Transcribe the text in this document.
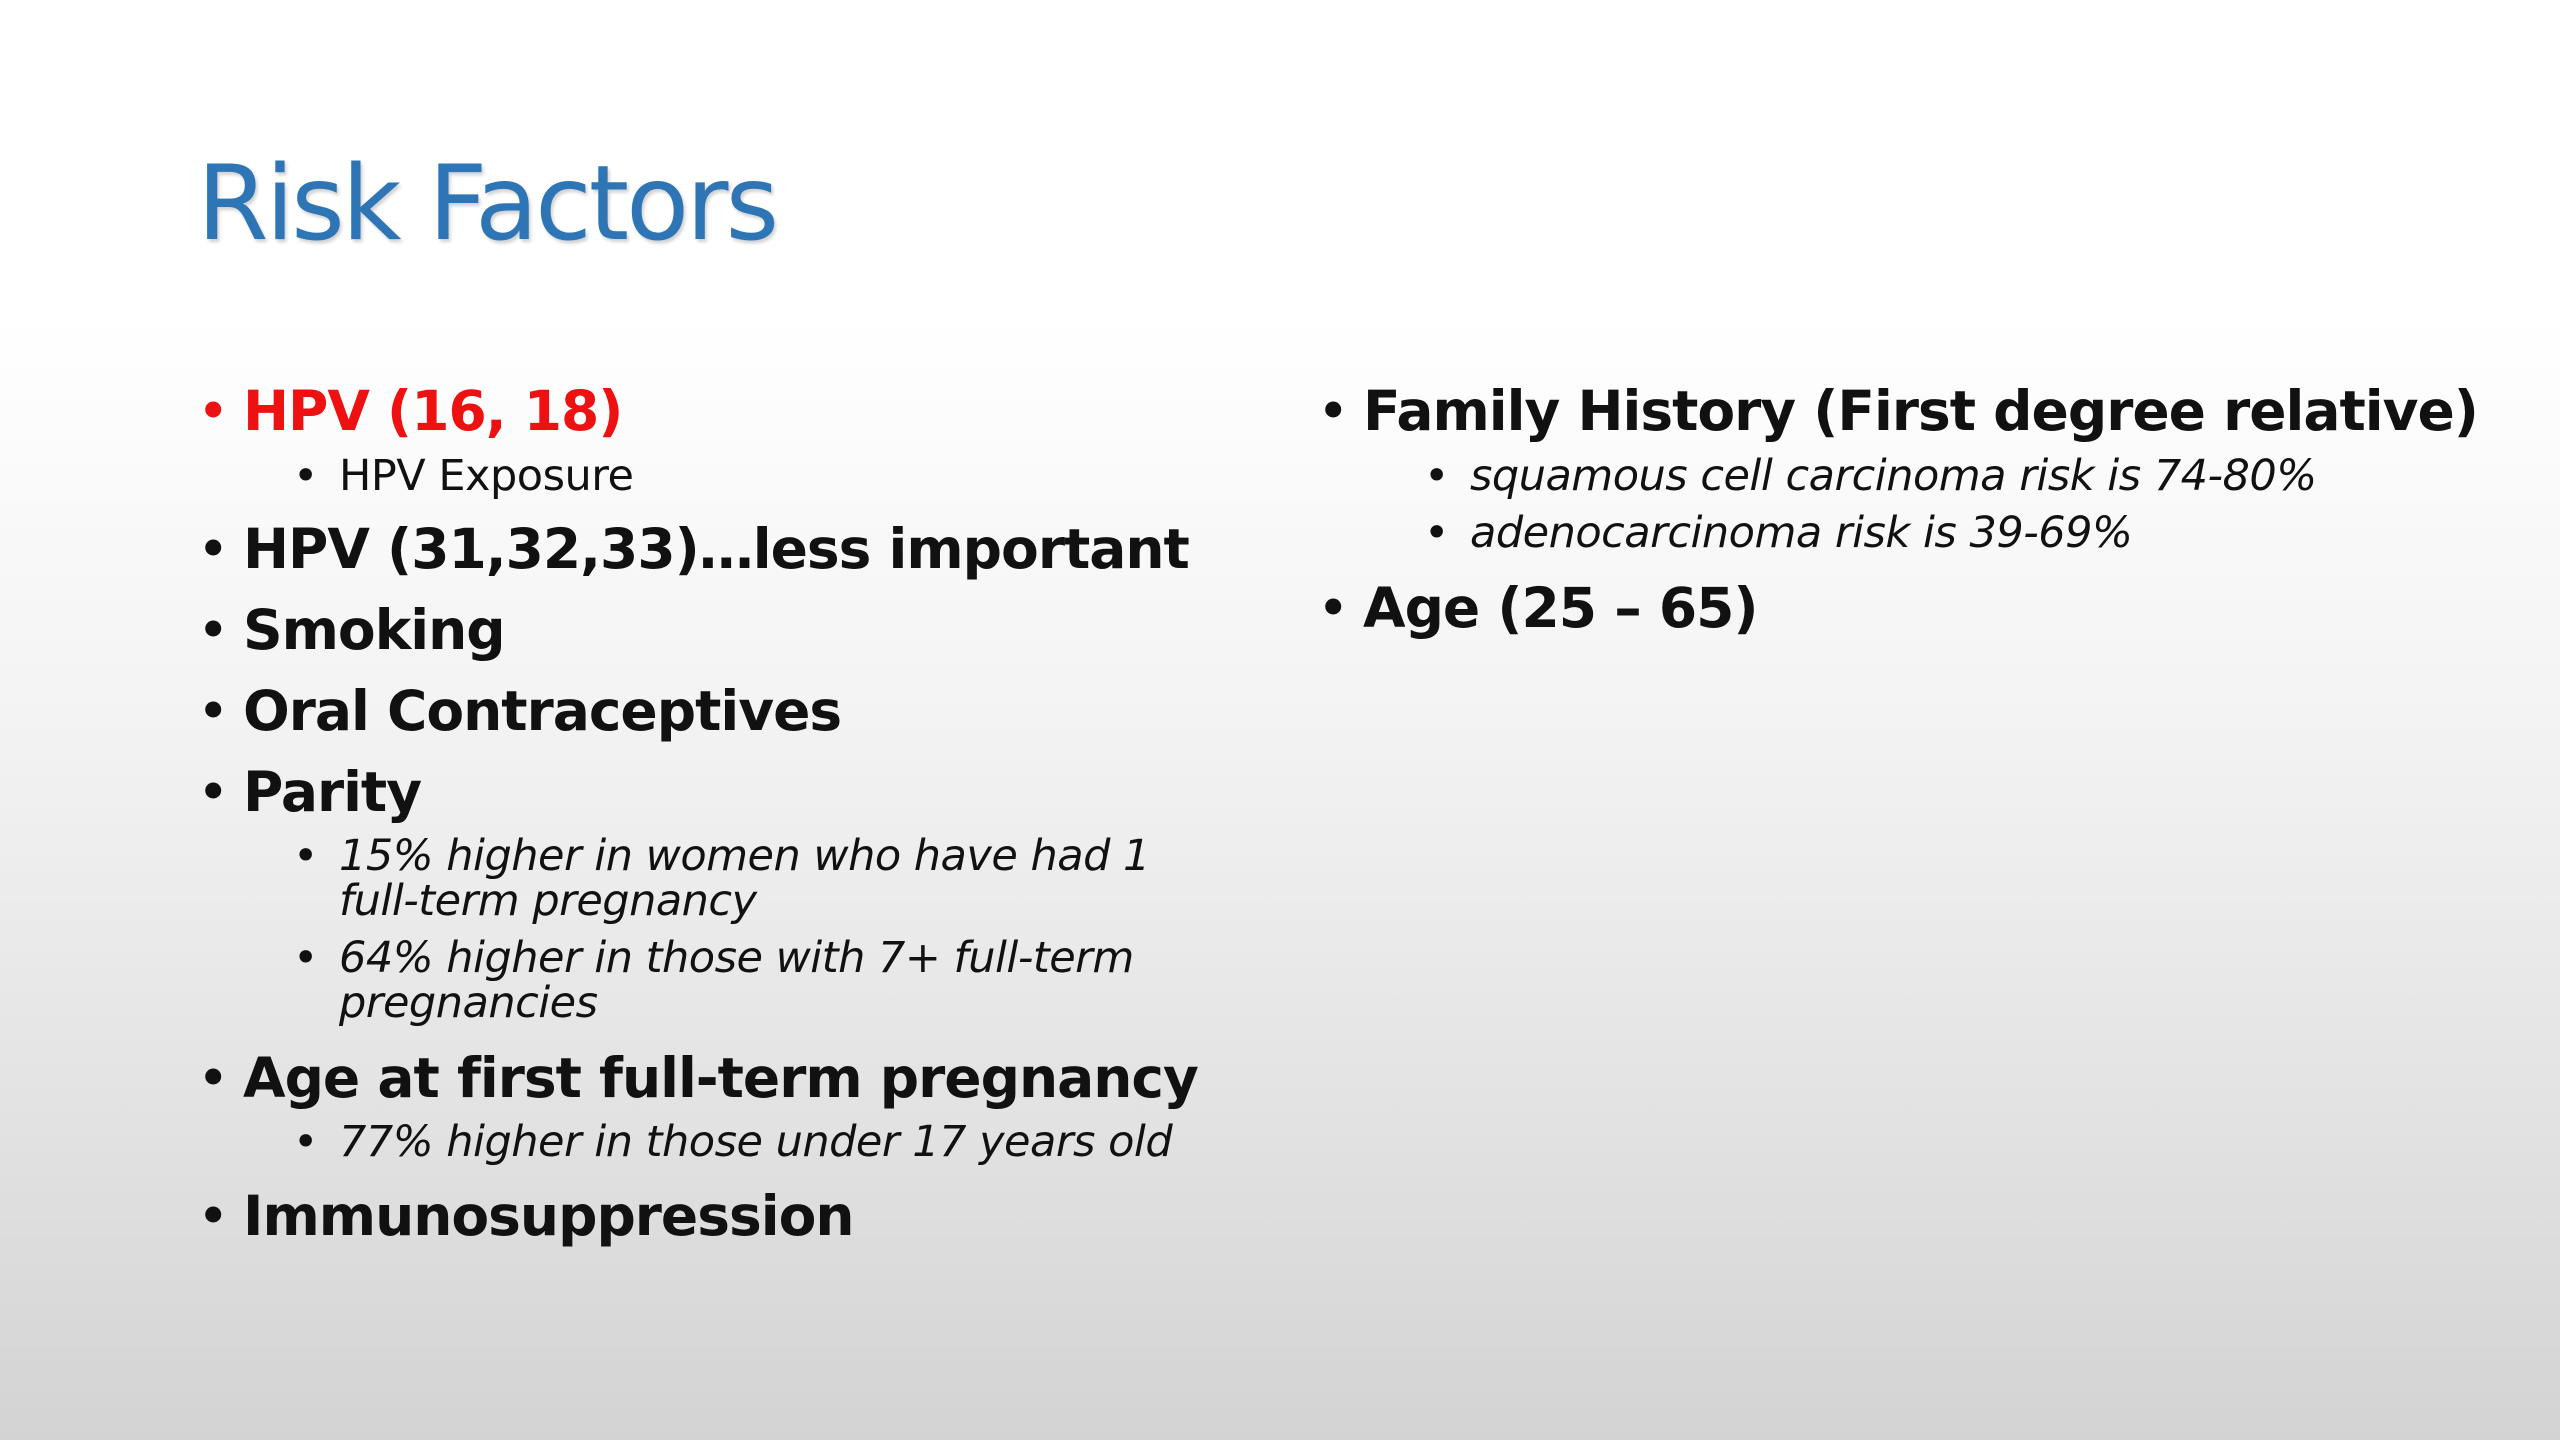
Risk Factors
• HPV (16, 18)
• HPV Exposure
• HPV (31,32,33)…less important
• Smoking
• Oral Contraceptives
• Parity
• 15% higher in women who have had 1 full-term pregnancy
• 64% higher in those with 7+ full-term pregnancies
• Age at first full-term pregnancy
• 77% higher in those under 17 years old
• Immunosuppression
• Family History (First degree relative)
• squamous cell carcinoma risk is 74-80%
• adenocarcinoma risk is 39-69%
• Age (25 – 65)
